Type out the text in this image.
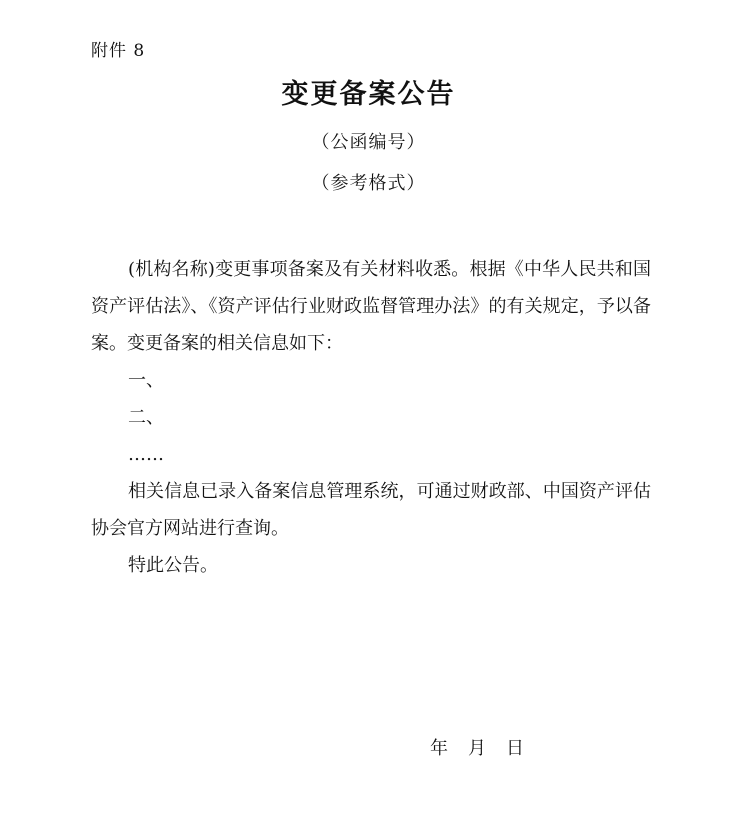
附件 8
变更备案公告
（公函编号）
（参考格式）

(机构名称)变更事项备案及有关材料收悉。根据《中华人民共和国资产评估法》、《资产评估行业财政监督管理办法》的有关规定，予以备案。变更备案的相关信息如下：

一、

二、

……

相关信息已录入备案信息管理系统，可通过财政部、中国资产评估协会官方网站进行查询。

特此公告。

年 月 日
